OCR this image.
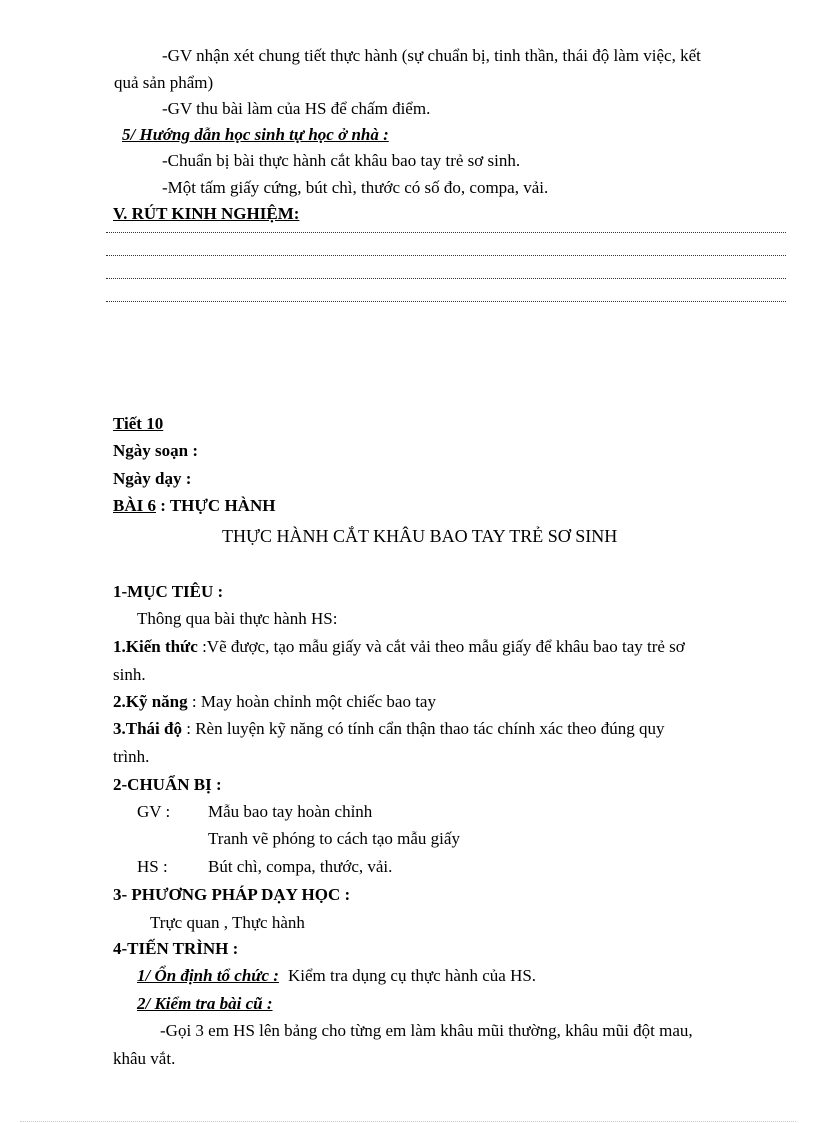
-GV nhận xét chung tiết thực hành (sự chuẩn bị, tinh thần, thái độ làm việc, kết
quả sản phẩm)
-GV thu bài làm của HS để chấm điểm.
5/ Hướng dẫn học sinh tự học ở nhà :
-Chuẩn bị bài thực hành cắt khâu bao tay trẻ sơ sinh.
-Một tấm giấy cứng, bút chì, thước có số đo, compa, vải.
V. RÚT KINH NGHIỆM:
Tiết 10
Ngày soạn :
Ngày dạy :
BÀI 6 : THỰC HÀNH
THỰC HÀNH CẮT KHÂU BAO TAY TRẺ SƠ SINH
1-MỤC TIÊU :
Thông qua bài thực hành HS:
1.Kiến thức :Vẽ được, tạo mẫu giấy và cắt vải theo mẫu giấy để khâu bao tay trẻ sơ
sinh.
2.Kỹ năng : May hoàn chỉnh một chiếc bao tay
3.Thái độ : Rèn luyện kỹ năng có tính cẩn thận thao tác chính xác theo đúng quy
trình.
2-CHUẨN BỊ :
GV : Mẫu bao tay hoàn chỉnh
Tranh vẽ phóng to cách tạo mẫu giấy
HS : Bút chì, compa, thước, vải.
3- PHƯƠNG PHÁP DẠY HỌC :
Trực quan , Thực hành
4-TIẾN TRÌNH :
1/ Ổn định tổ chức : Kiểm tra dụng cụ thực hành của HS.
2/ Kiểm tra bài cũ :
-Gọi 3 em HS lên bảng cho từng em làm khâu mũi thường, khâu mũi đột mau,
khâu vắt.
